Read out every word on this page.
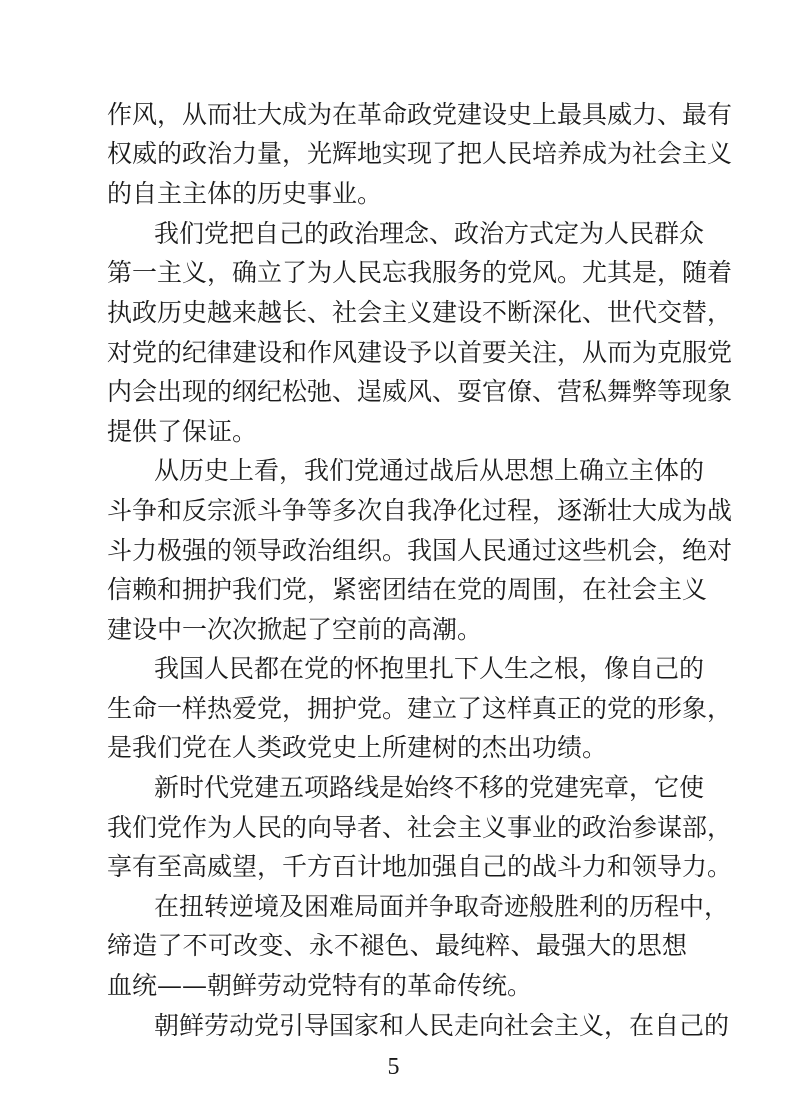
作风，从而壮大成为在革命政党建设史上最具威力、最有
权威的政治力量，光辉地实现了把人民培养成为社会主义
的自主主体的历史事业。
我们党把自己的政治理念、政治方式定为人民群众
第一主义，确立了为人民忘我服务的党风。尤其是，随着
执政历史越来越长、社会主义建设不断深化、世代交替，
对党的纪律建设和作风建设予以首要关注，从而为克服党
内会出现的纲纪松弛、逞威风、耍官僚、营私舞弊等现象
提供了保证。
从历史上看，我们党通过战后从思想上确立主体的
斗争和反宗派斗争等多次自我净化过程，逐渐壮大成为战
斗力极强的领导政治组织。我国人民通过这些机会，绝对
信赖和拥护我们党，紧密团结在党的周围，在社会主义
建设中一次次掀起了空前的高潮。
我国人民都在党的怀抱里扎下人生之根，像自己的
生命一样热爱党，拥护党。建立了这样真正的党的形象，
是我们党在人类政党史上所建树的杰出功绩。
新时代党建五项路线是始终不移的党建宪章，它使
我们党作为人民的向导者、社会主义事业的政治参谋部，
享有至高威望，千方百计地加强自己的战斗力和领导力。
在扭转逆境及困难局面并争取奇迹般胜利的历程中，
缔造了不可改变、永不褪色、最纯粹、最强大的思想
血统——朝鲜劳动党特有的革命传统。
朝鲜劳动党引导国家和人民走向社会主义，在自己的
5
